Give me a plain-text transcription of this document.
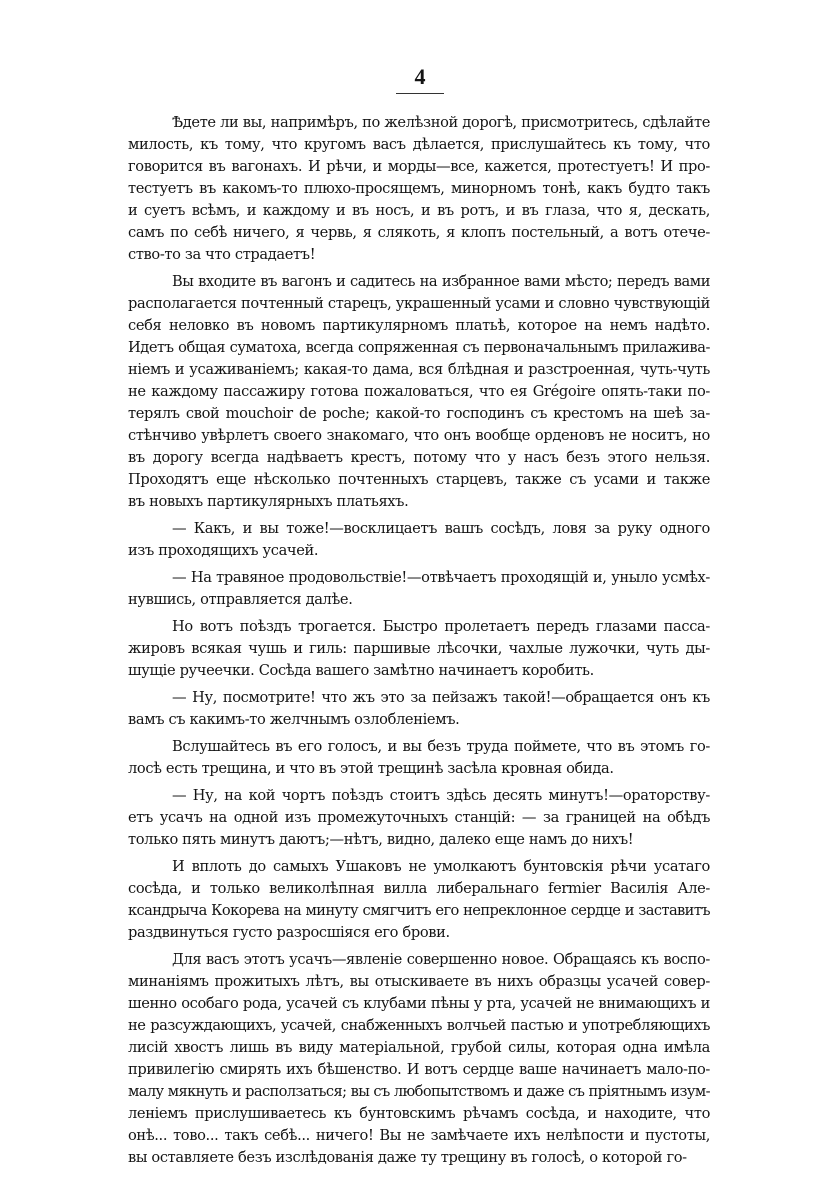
4
Ѣдете ли вы, напримѣръ, по желѣзной дорогѣ, присмотритесь, сдѣлайте
милость, къ тому, что кругомъ васъ дѣлается, прислушайтесь къ тому, что
говорится въ вагонахъ. И рѣчи, и морды—все, кажется, протестуетъ! И про-
тестуетъ въ какомъ-то плюхо-просящемъ, минорномъ тонѣ, какъ будто такъ
и суетъ всѣмъ, и каждому и въ носъ, и въ ротъ, и въ глаза, что я, дескать,
самъ по себѣ ничего, я червь, я слякоть, я клопъ постельный, а вотъ отече-
ство-то за что страдаетъ!
Вы входите въ вагонъ и садитесь на избранное вами мѣсто; передъ вами
располагается почтенный старецъ, украшенный усами и словно чувствующій
себя неловко въ новомъ партикулярномъ платьѣ, которое на немъ надѣто.
Идетъ общая суматоха, всегда сопряженная съ первоначальнымъ прилаживa-
ніемъ и усаживаніемъ; какая-то дама, вся блѣдная и разстроенная, чуть-чуть
не каждому пассажиру готова пожаловаться, что ея Grégoire опять-таки по-
терялъ свой mouchoir de poche; какой-то господинъ съ крестомъ на шеѣ за-
стѣнчиво увѣрлетъ своего знакомаго, что онъ вообще орденовъ не носитъ, но
въ дорогу всегда надѣваетъ крестъ, потому что у насъ безъ этого нельзя.
Проходятъ еще нѣсколько почтенныхъ старцевъ, также съ усами и также
въ новыхъ партикулярныхъ платьяхъ.
— Какъ, и вы тоже!—восклицаетъ вашъ сосѣдъ, ловя за руку одного
изъ проходящихъ усачей.
— На травяное продовольствіе!—отвѣчаетъ проходящій и, уныло усмѣх-
нувшись, отправляется далѣе.
Но вотъ поѣздъ трогается. Быстро пролетаетъ передъ глазами пасса-
жировъ всякая чушь и гиль: паршивые лѣсочки, чахлые лужочки, чуть ды-
шущіе ручеечки. Сосѣда вашего замѣтно начинаетъ коробить.
— Ну, посмотрите! что жъ это за пейзажъ такой!—обращается онъ къ
вамъ съ какимъ-то желчнымъ озлобленіемъ.
Вслушайтесь въ его голосъ, и вы безъ труда поймете, что въ этомъ го-
лосѣ есть трещина, и что въ этой трещинѣ засѣла кровная обида.
— Ну, на кой чортъ поѣздъ стоитъ здѣсь десять минутъ!—ораторству-
етъ усачъ на одной изъ промежуточныхъ станцій: — за границей на обѣдъ
только пять минутъ даютъ;—нѣтъ, видно, далеко еще намъ до нихъ!
И вплоть до самыхъ Ушаковъ не умолкаютъ бунтовскія рѣчи усатаго
сосѣда, и только великолѣпная вилла либеральнаго fermier Василія Але-
ксандрыча Кокорева на минуту смягчитъ его непреклонное сердце и заставитъ
раздвинуться густо разросшіяся его брови.
Для васъ этотъ усачъ—явленіе совершенно новое. Обращаясь къ воспо-
минаніямъ прожитыхъ лѣтъ, вы отыскиваете въ нихъ образцы усачей совер-
шенно особаго рода, усачей съ клубами пѣны у рта, усачей не внимающихъ и
не разсуждающихъ, усачей, снабженныхъ волчьей пастью и употребляющихъ
лисій хвостъ лишь въ виду матеріальной, грубой силы, которая одна имѣла
привилегію смирять ихъ бѣшенство. И вотъ сердце ваше начинаетъ мало-по-
малу мякнуть и расползаться; вы съ любопытствомъ и даже съ пріятнымъ изум-
леніемъ прислушиваетесь къ бунтовскимъ рѣчамъ сосѣда, и находите, что
онѣ... тово... такъ себѣ... ничего! Вы не замѣчаете ихъ нелѣпости и пустоты,
вы оставляете безъ изслѣдованія даже ту трещину въ голосѣ, о которой го-
